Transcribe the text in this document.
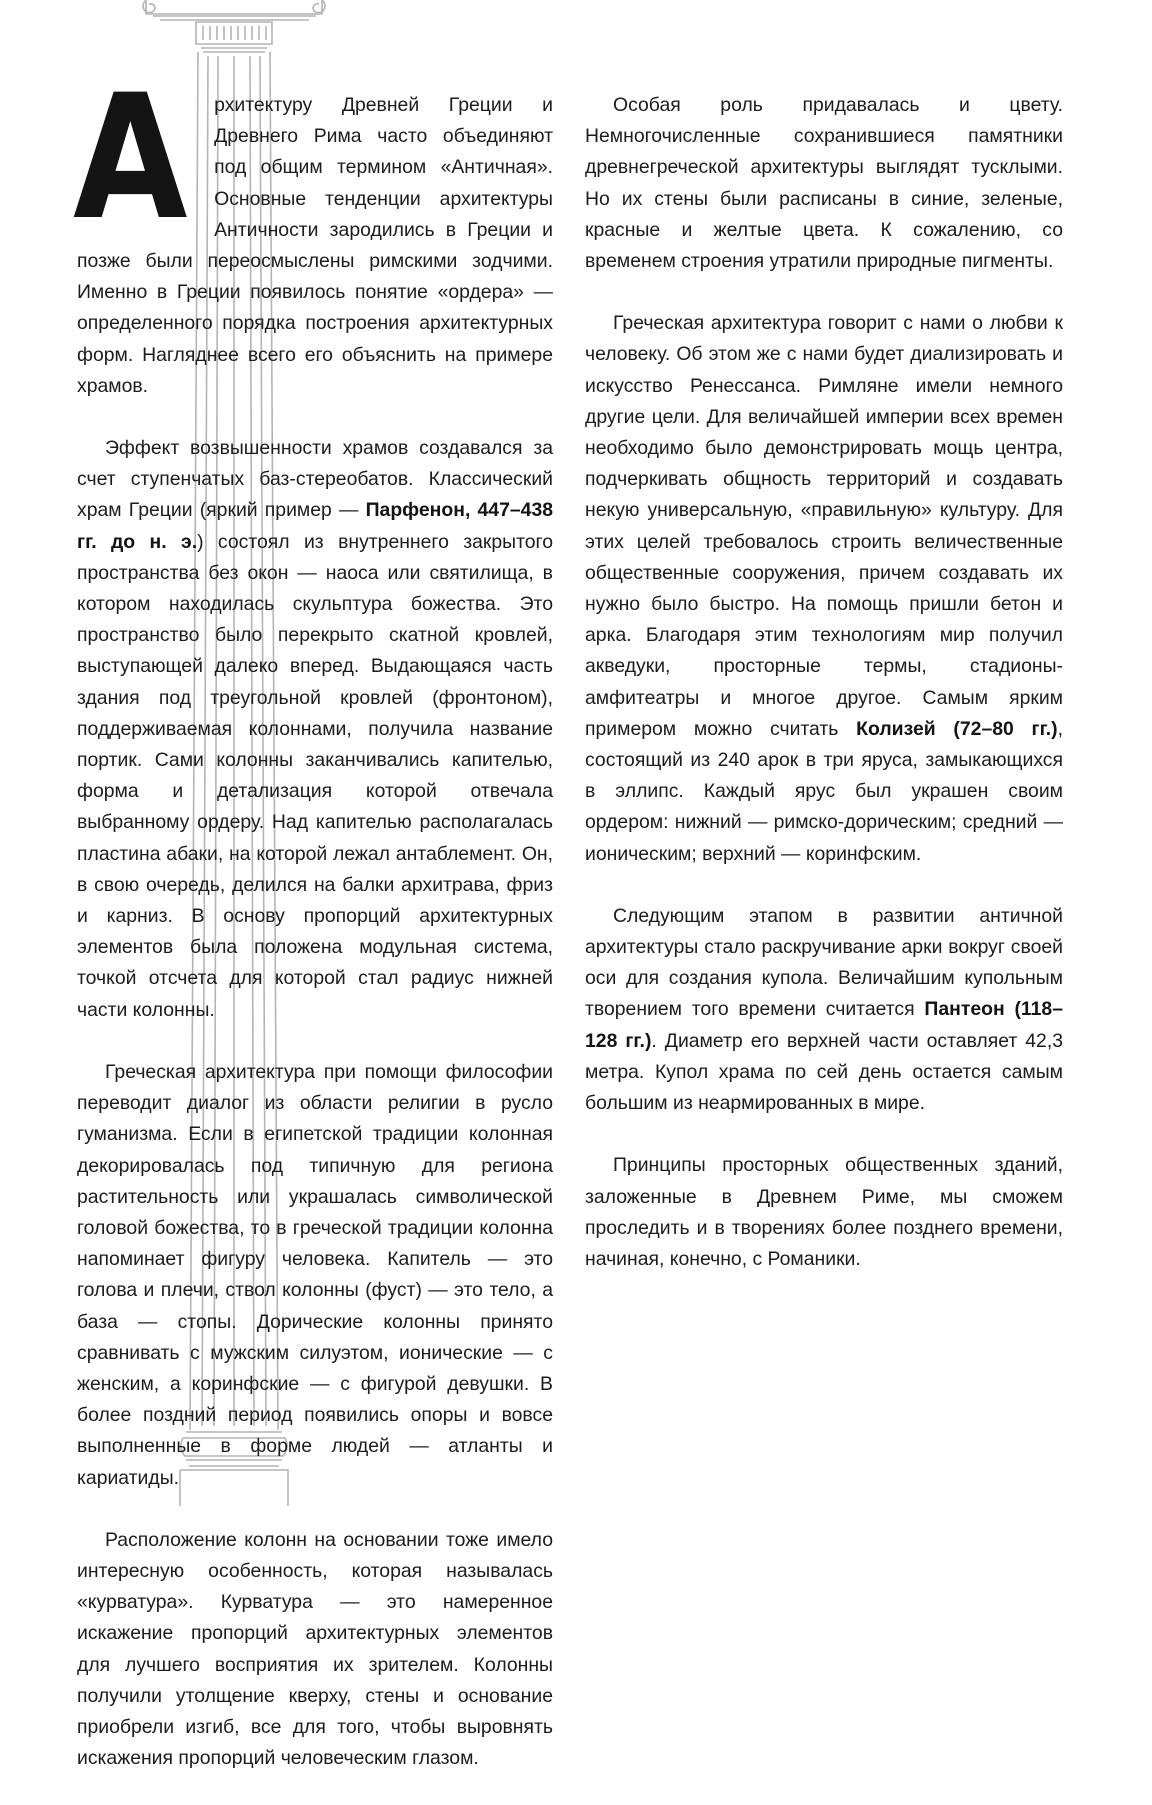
А рхитектуру Древней Греции и Древнего Рима часто объединяют под общим термином «Античная». Основные тенденции архитектуры Античности зародились в Греции и позже были переосмыслены римскими зодчими. Именно в Греции появилось понятие «ордера» — определенного порядка построения архитектурных форм. Нагляднее всего его объяснить на примере храмов.

Эффект возвышенности храмов создавался за счет ступенчатых баз-стереобатов. Классический храм Греции (яркий пример — Парфенон, 447–438 гг. до н. э.) состоял из внутреннего закрытого пространства без окон — наоса или святилища, в котором находилась скульптура божества. Это пространство было перекрыто скатной кровлей, выступающей далеко вперед. Выдающаяся часть здания под треугольной кровлей (фронтоном), поддерживаемая колоннами, получила название портик. Сами колонны заканчивались капителью, форма и детализация которой отвечала выбранному ордеру. Над капителью располагалась пластина абаки, на которой лежал антаблемент. Он, в свою очередь, делился на балки архитрава, фриз и карниз. В основу пропорций архитектурных элементов была положена модульная система, точкой отсчета для которой стал радиус нижней части колонны.

Греческая архитектура при помощи философии переводит диалог из области религии в русло гуманизма. Если в египетской традиции колонная декорировалась под типичную для региона растительность или украшалась символической головой божества, то в греческой традиции колонна напоминает фигуру человека. Капитель — это голова и плечи, ствол колонны (фуст) — это тело, а база — стопы. Дорические колонны принято сравнивать с мужским силуэтом, ионические — с женским, а коринфские — с фигурой девушки. В более поздний период появились опоры и вовсе выполненные в форме людей — атланты и кариатиды.

Расположение колонн на основании тоже имело интересную особенность, которая называлась «курватура». Курватура — это намеренное искажение пропорций архитектурных элементов для лучшего восприятия их зрителем. Колонны получили утолщение кверху, стены и основание приобрели изгиб, все для того, чтобы выровнять искажения пропорций человеческим глазом.

Особая роль придавалась и цвету. Немногочисленные сохранившиеся памятники древнегреческой архитектуры выглядят тусклыми. Но их стены были расписаны в синие, зеленые, красные и желтые цвета. К сожалению, со временем строения утратили природные пигменты.

Греческая архитектура говорит с нами о любви к человеку. Об этом же с нами будет диализировать и искусство Ренессанса. Римляне имели немного другие цели. Для величайшей империи всех времен необходимо было демонстрировать мощь центра, подчеркивать общность территорий и создавать некую универсальную, «правильную» культуру. Для этих целей требовалось строить величественные общественные сооружения, причем создавать их нужно было быстро. На помощь пришли бетон и арка. Благодаря этим технологиям мир получил акведуки, просторные термы, стадионы-амфитеатры и многое другое. Самым ярким примером можно считать Колизей (72–80 гг.), состоящий из 240 арок в три яруса, замыкающихся в эллипс. Каждый ярус был украшен своим ордером: нижний — римско-дорическим; средний — ионическим; верхний — коринфским.

Следующим этапом в развитии античной архитектуры стало раскручивание арки вокруг своей оси для создания купола. Величайшим купольным творением того времени считается Пантеон (118–128 гг.). Диаметр его верхней части оставляет 42,3 метра. Купол храма по сей день остается самым большим из неармированных в мире.

Принципы просторных общественных зданий, заложенные в Древнем Риме, мы сможем проследить и в творениях более позднего времени, начиная, конечно, с Романики.
